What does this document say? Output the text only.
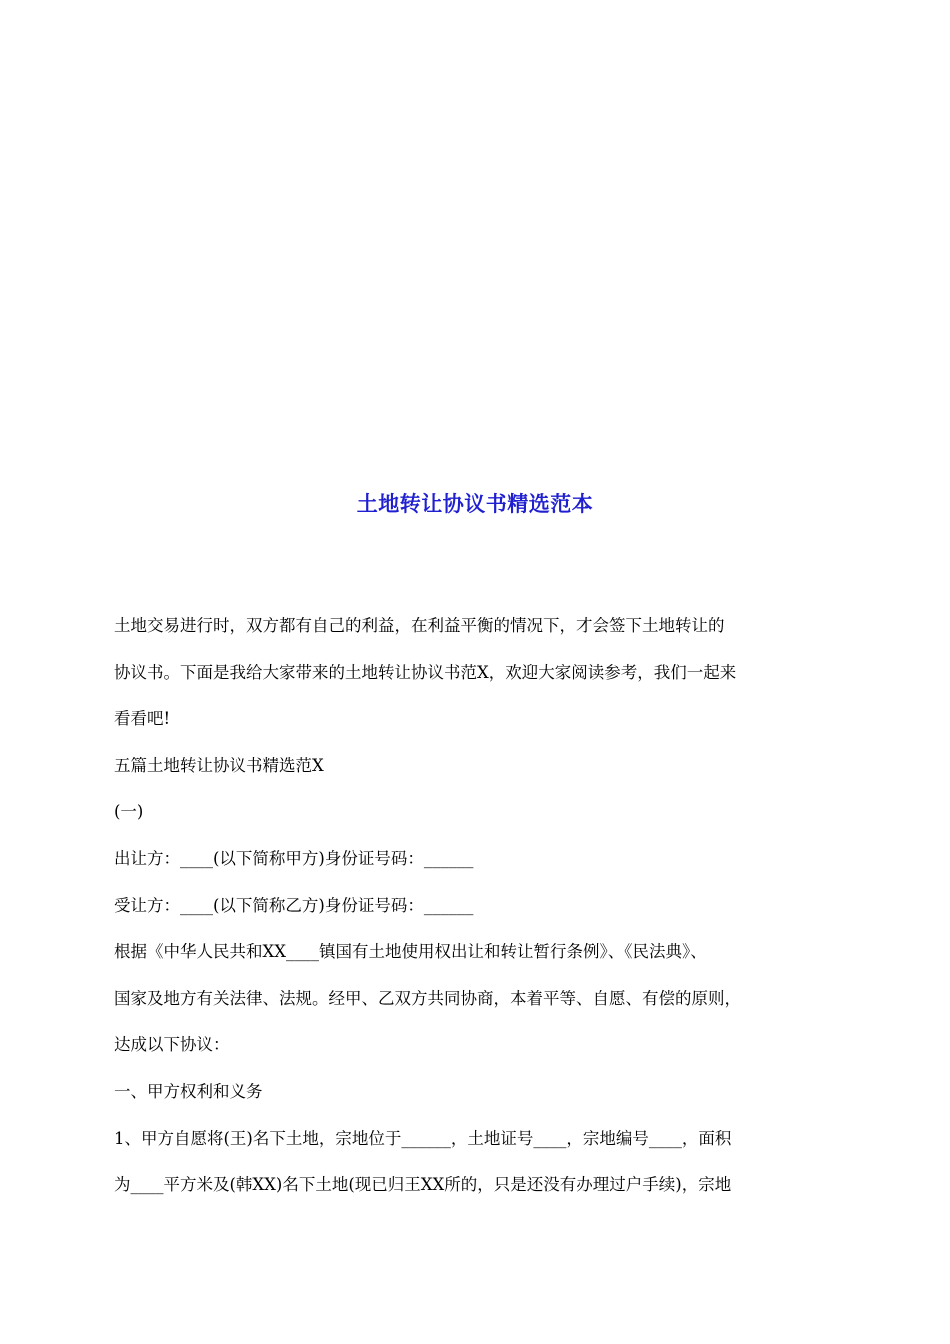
土地转让协议书精选范本

土地交易进行时，双方都有自己的利益，在利益平衡的情况下，才会签下土地转让的

协议书。下面是我给大家带来的土地转让协议书范X，欢迎大家阅读参考，我们一起来

看看吧!

五篇土地转让协议书精选范X

(一)

出让方：____(以下简称甲方)身份证号码：______

受让方：____(以下简称乙方)身份证号码：______

根据《中华人民共和XX____镇国有土地使用权出让和转让暂行条例》、《民法典》、

国家及地方有关法律、法规。经甲、乙双方共同协商，本着平等、自愿、有偿的原则，

达成以下协议：

一、甲方权利和义务

1、甲方自愿将(王)名下土地，宗地位于______，土地证号____，宗地编号____，面积

为____平方米及(韩XX)名下土地(现已归王XX所的，只是还没有办理过户手续)，宗地
